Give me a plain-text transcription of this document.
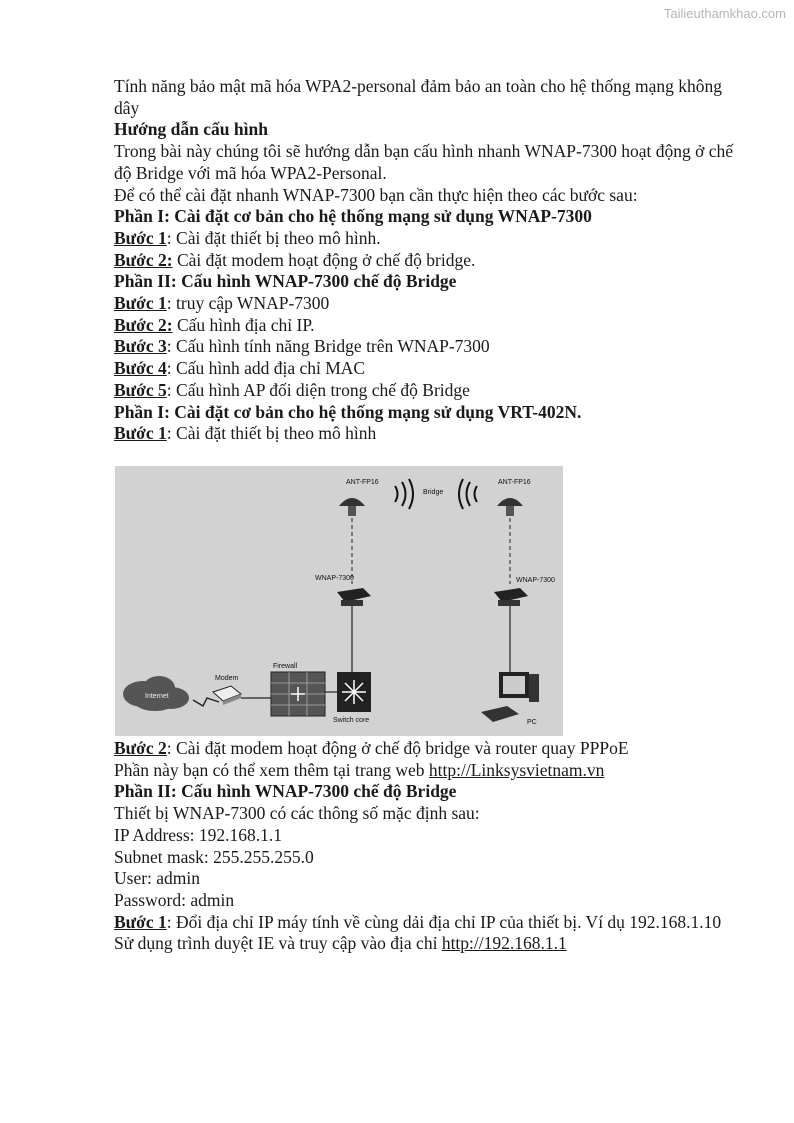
Tailieuthamkhao.com

Tính năng bảo mật mã hóa WPA2-personal đảm bảo an toàn cho hệ thống mạng không dây

Hướng dẫn cấu hình

Trong bài này chúng tôi sẽ hướng dẫn bạn cấu hình nhanh WNAP-7300 hoạt động ở chế độ Bridge với mã hóa WPA2-Personal.

Để có thể cài đặt nhanh WNAP-7300 bạn cần thực hiện theo các bước sau:

Phần I: Cài đặt cơ bản cho hệ thống mạng sử dụng WNAP-7300

Bước 1: Cài đặt thiết bị theo mô hình.

Bước 2: Cài đặt modem hoạt động ở chế độ bridge.

Phần II: Cấu hình WNAP-7300 chế độ Bridge

Bước 1: truy cập WNAP-7300

Bước 2: Cấu hình địa chỉ IP.

Bước 3: Cấu hình tính năng Bridge trên WNAP-7300

Bước 4: Cấu hình add địa chỉ MAC

Bước 5: Cấu hình AP đối diện trong chế độ Bridge

Phần I: Cài đặt cơ bản cho hệ thống mạng sử dụng VRT-402N.

Bước 1: Cài đặt thiết bị theo mô hình

ANT-FP16	ANT-FP16
Bridge
WNAP-7300	WNAP-7300
Internet
Modem
Firewall
Switch core	PC

Bước 2: Cài đặt modem hoạt động ở chế độ bridge và router quay PPPoE

Phần này bạn có thể xem thêm tại trang web http://Linksysvietnam.vn

Phần II: Cấu hình WNAP-7300 chế độ Bridge

Thiết bị WNAP-7300 có các thông số mặc định sau:

IP Address: 192.168.1.1

Subnet mask: 255.255.255.0

User: admin

Password: admin

Bước 1: Đổi địa chỉ IP máy tính về cùng dải địa chỉ IP của thiết bị. Ví dụ 192.168.1.10

Sử dụng trình duyệt IE và truy cập vào địa chỉ http://192.168.1.1
